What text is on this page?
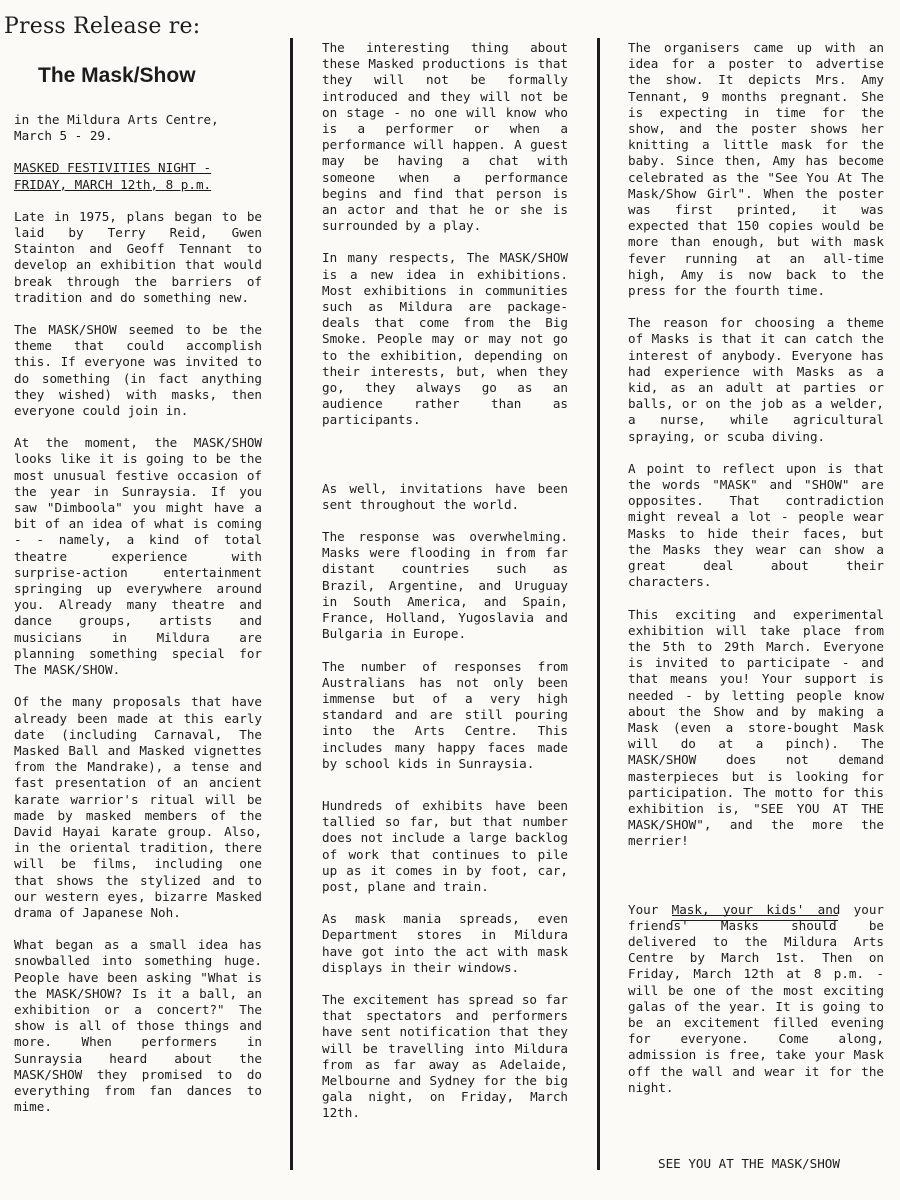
Press Release re:
The Mask/Show

in the Mildura Arts Centre,
March 5 - 29.

MASKED FESTIVITIES NIGHT -
FRIDAY, MARCH 12th, 8 p.m.

Late in 1975, plans began to be laid by Terry Reid, Gwen Stainton and Geoff Tennant to develop an exhibition that would break through the barriers of tradition and do something new.

The MASK/SHOW seemed to be the theme that could accomplish this. If everyone was invited to do something (in fact anything they wished) with masks, then everyone could join in.

At the moment, the MASK/SHOW looks like it is going to be the most unusual festive occasion of the year in Sunraysia. If you saw "Dimboola" you might have a bit of an idea of what is coming - - namely, a kind of total theatre experience with surprise-action entertainment springing up everywhere around you. Already many theatre and dance groups, artists and musicians in Mildura are planning something special for The MASK/SHOW.

Of the many proposals that have already been made at this early date (including Carnaval, The Masked Ball and Masked vignettes from the Mandrake), a tense and fast presentation of an ancient karate warrior's ritual will be made by masked members of the David Hayai karate group. Also, in the oriental tradition, there will be films, including one that shows the stylized and to our western eyes, bizarre Masked drama of Japanese Noh.

What began as a small idea has snowballed into something huge. People have been asking "What is the MASK/SHOW? Is it a ball, an exhibition or a concert?" The show is all of those things and more. When performers in Sunraysia heard about the MASK/SHOW they promised to do everything from fan dances to mime.

The interesting thing about these Masked productions is that they will not be formally introduced and they will not be on stage - no one will know who is a performer or when a performance will happen. A guest may be having a chat with someone when a performance begins and find that person is an actor and that he or she is surrounded by a play.

In many respects, The MASK/SHOW is a new idea in exhibitions. Most exhibitions in communities such as Mildura are package-deals that come from the Big Smoke. People may or may not go to the exhibition, depending on their interests, but, when they go, they always go as an audience rather than as participants.

As well, invitations have been sent throughout the world.

The response was overwhelming. Masks were flooding in from far distant countries such as Brazil, Argentine, and Uruguay in South America, and Spain, France, Holland, Yugoslavia and Bulgaria in Europe.

The number of responses from Australians has not only been immense but of a very high standard and are still pouring into the Arts Centre. This includes many happy faces made by school kids in Sunraysia.

Hundreds of exhibits have been tallied so far, but that number does not include a large backlog of work that continues to pile up as it comes in by foot, car, post, plane and train.

As mask mania spreads, even Department stores in Mildura have got into the act with mask displays in their windows.

The excitement has spread so far that spectators and performers have sent notification that they will be travelling into Mildura from as far away as Adelaide, Melbourne and Sydney for the big gala night, on Friday, March 12th.

The organisers came up with an idea for a poster to advertise the show. It depicts Mrs. Amy Tennant, 9 months pregnant. She is expecting in time for the show, and the poster shows her knitting a little mask for the baby. Since then, Amy has become celebrated as the "See You At The Mask/Show Girl". When the poster was first printed, it was expected that 150 copies would be more than enough, but with mask fever running at an all-time high, Amy is now back to the press for the fourth time.

The reason for choosing a theme of Masks is that it can catch the interest of anybody. Everyone has had experience with Masks as a kid, as an adult at parties or balls, or on the job as a welder, a nurse, while agricultural spraying, or scuba diving.

A point to reflect upon is that the words "MASK" and "SHOW" are opposites. That contradiction might reveal a lot - people wear Masks to hide their faces, but the Masks they wear can show a great deal about their characters.

This exciting and experimental exhibition will take place from the 5th to 29th March. Everyone is invited to participate - and that means you! Your support is needed - by letting people know about the Show and by making a Mask (even a store-bought Mask will do at a pinch). The MASK/SHOW does not demand masterpieces but is looking for participation. The motto for this exhibition is, "SEE YOU AT THE MASK/SHOW", and the more the merrier!

Your Mask, your kids' and your friends' Masks should be delivered to the Mildura Arts Centre by March 1st. Then on Friday, March 12th at 8 p.m. - will be one of the most exciting galas of the year. It is going to be an excitement filled evening for everyone. Come along, admission is free, take your Mask off the wall and wear it for the night.

SEE YOU AT THE MASK/SHOW
